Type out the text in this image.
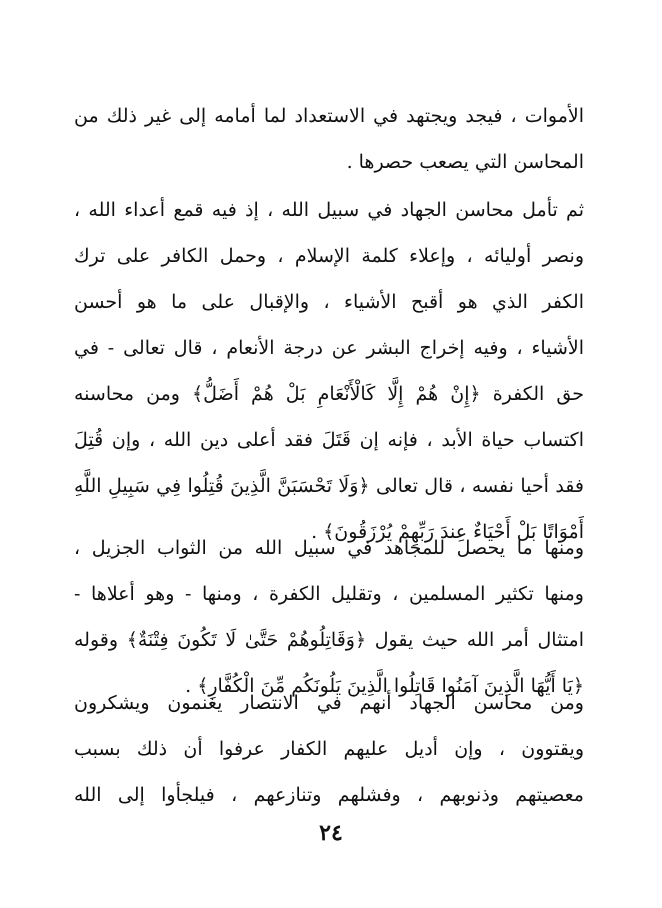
الأموات ، فيجد ويجتهد في الاستعداد لما أمامه إلى غير ذلك من
المحاسن التي يصعب حصرها .
ثم تأمل محاسن الجهاد في سبيل الله ، إذ فيه قمع أعداء الله ،
ونصر أوليائه ، وإعلاء كلمة الإسلام ، وحمل الكافر على ترك
الكفر الذي هو أقبح الأشياء ، والإقبال على ما هو أحسن
الأشياء ، وفيه إخراج البشر عن درجة الأنعام ، قال تعالى - في
حق الكفرة ﴿إِنْ هُمْ إِلَّا كَالْأَنْعَامِ بَلْ هُمْ أَضَلُّ﴾ ومن محاسنه
اكتساب حياة الأبد ، فإنه إن قَتَلَ فقد أعلى دين الله ، وإن قُتِلَ
فقد أحيا نفسه ، قال تعالى ﴿وَلَا تَحْسَبَنَّ الَّذِينَ قُتِلُوا فِي سَبِيلِ اللَّهِ
أَمْوَاتًا بَلْ أَحْيَاءٌ عِندَ رَبِّهِمْ يُرْزَقُونَ﴾ .
ومنها ما يحصل للمجاهد في سبيل الله من الثواب الجزيل ،
ومنها تكثير المسلمين ، وتقليل الكفرة ، ومنها - وهو أعلاها -
امتثال أمر الله حيث يقول ﴿وَقَاتِلُوهُمْ حَتَّىٰ لَا تَكُونَ فِتْنَةٌ﴾ وقوله
﴿يَا أَيُّهَا الَّذِينَ آمَنُوا قَاتِلُوا الَّذِينَ يَلُونَكُم مِّنَ الْكُفَّارِ﴾ .
ومن محاسن الجهاد أنهم في الانتصار يغنمون ويشكرون
ويقتوون ، وإن أديل عليهم الكفار عرفوا أن ذلك بسبب
معصيتهم وذنوبهم ، وفشلهم وتنازعهم ، فيلجأوا إلى الله
٢٤
